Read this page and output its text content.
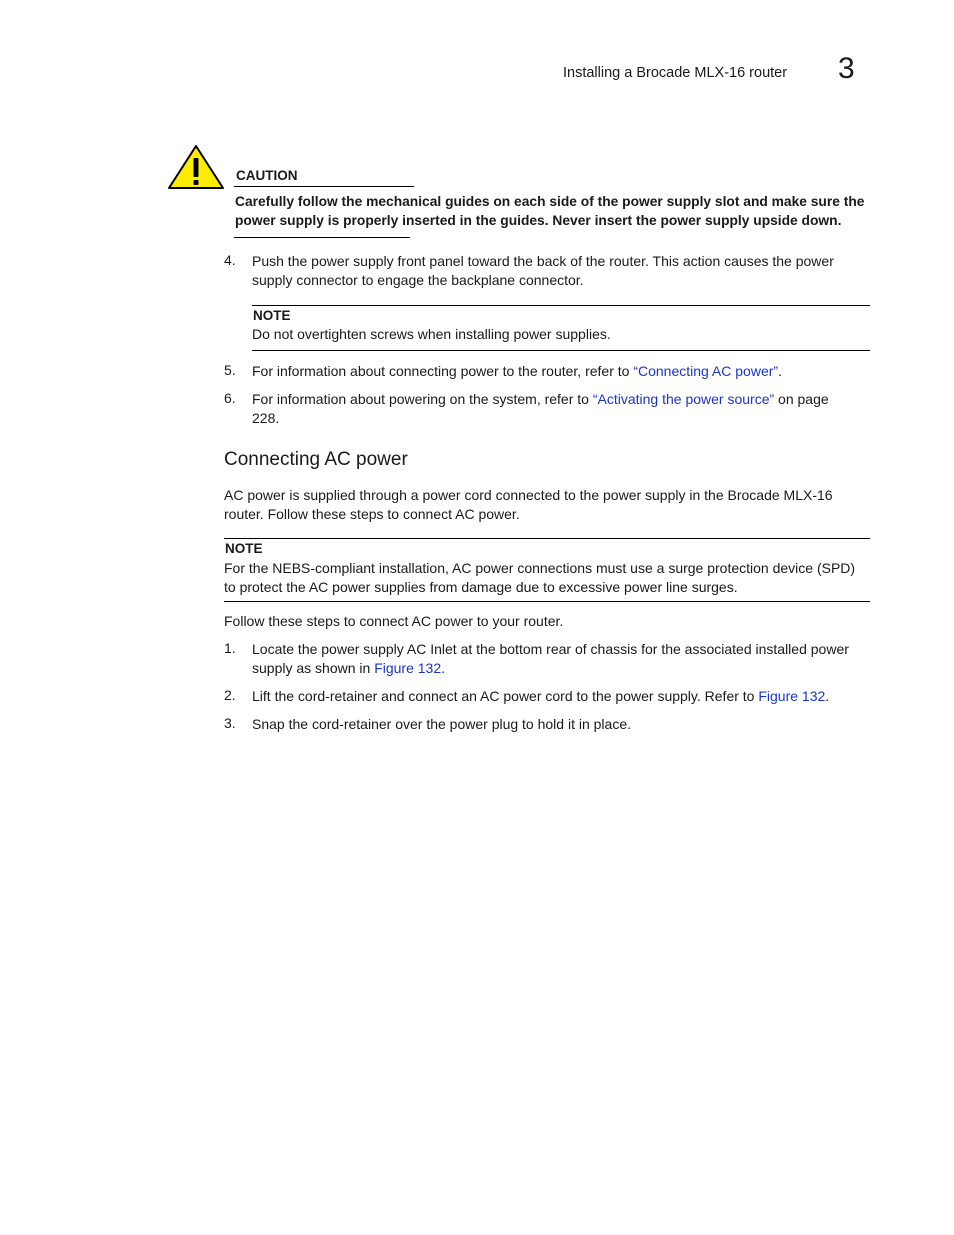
Installing a Brocade MLX-16 router 3
CAUTION
Carefully follow the mechanical guides on each side of the power supply slot and make sure the power supply is properly inserted in the guides. Never insert the power supply upside down.
4. Push the power supply front panel toward the back of the router. This action causes the power supply connector to engage the backplane connector.
NOTE
Do not overtighten screws when installing power supplies.
5. For information about connecting power to the router, refer to “Connecting AC power”.
6. For information about powering on the system, refer to “Activating the power source” on page 228.
Connecting AC power
AC power is supplied through a power cord connected to the power supply in the Brocade MLX-16 router. Follow these steps to connect AC power.
NOTE
For the NEBS-compliant installation, AC power connections must use a surge protection device (SPD) to protect the AC power supplies from damage due to excessive power line surges.
Follow these steps to connect AC power to your router.
1. Locate the power supply AC Inlet at the bottom rear of chassis for the associated installed power supply as shown in Figure 132.
2. Lift the cord-retainer and connect an AC power cord to the power supply. Refer to Figure 132.
3. Snap the cord-retainer over the power plug to hold it in place.
